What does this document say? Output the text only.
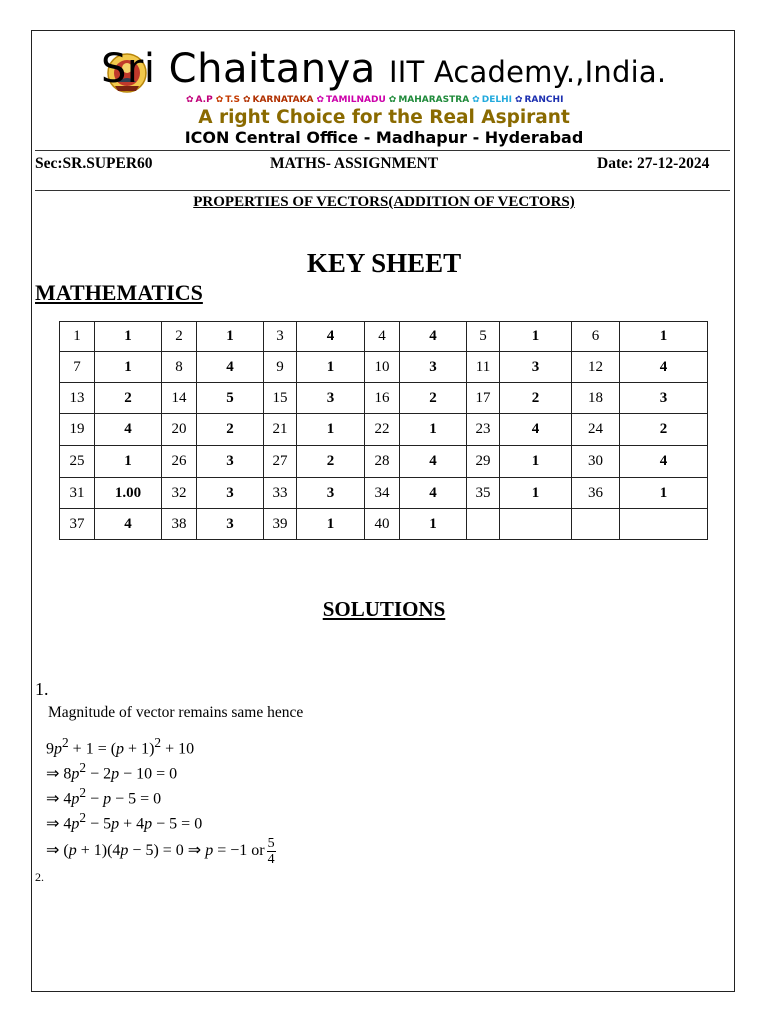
Sri Chaitanya IIT Academy.,India.
✿ A.P ✿ T.S ✿ KARNATAKA ✿ TAMILNADU ✿ MAHARASTRA ✿ DELHI ✿ RANCHI
A right Choice for the Real Aspirant
ICON Central Office - Madhapur - Hyderabad
Sec:SR.SUPER60	MATHS- ASSIGNMENT	Date: 27-12-2024
PROPERTIES OF VECTORS(ADDITION OF VECTORS)
KEY SHEET
MATHEMATICS
1	1	2	1	3	4	4	4	5	1	6	1
7	1	8	4	9	1	10	3	11	3	12	4
13	2	14	5	15	3	16	2	17	2	18	3
19	4	20	2	21	1	22	1	23	4	24	2
25	1	26	3	27	2	28	4	29	1	30	4
31	1.00	32	3	33	3	34	4	35	1	36	1
37	4	38	3	39	1	40	1				
SOLUTIONS
1.
Magnitude of vector remains same hence
$9p^2 + 1 = (p + 1)^2 + 10$
⇒ $8p^2 - 2p - 10 = 0$
⇒ $4p^2 - p - 5 = 0$
⇒ $4p^2 - 5p + 4p - 5 = 0$
⇒ (p + 1)(4p − 5) = 0 ⇒ p = −1 or $\frac{5}{4}$
2.
